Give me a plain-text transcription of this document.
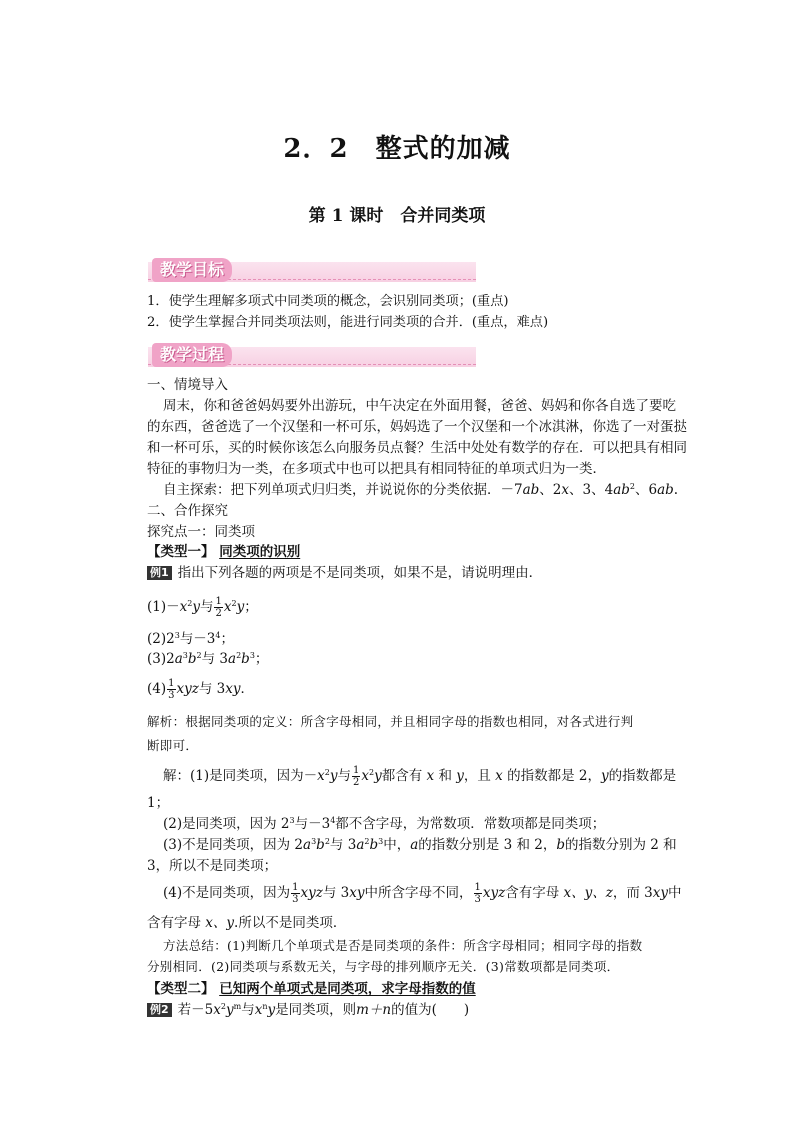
2．2　整式的加减
第 1 课时　合并同类项
教学目标
1．使学生理解多项式中同类项的概念，会识别同类项；(重点)
2．使学生掌握合并同类项法则，能进行同类项的合并．(重点，难点)
教学过程
一、情境导入
周末，你和爸爸妈妈要外出游玩，中午决定在外面用餐，爸爸、妈妈和你各自选了要吃
的东西，爸爸选了一个汉堡和一杯可乐，妈妈选了一个汉堡和一个冰淇淋，你选了一对蛋挞
和一杯可乐，买的时候你该怎么向服务员点餐？生活中处处有数学的存在．可以把具有相同
特征的事物归为一类，在多项式中也可以把具有相同特征的单项式归为一类．
自主探索：把下列单项式归归类，并说说你的分类依据．－7ab、2x、3、$4ab^2$、6ab.
二、合作探究
探究点一：同类项
【类型一】 同类项的识别
例1 指出下列各题的两项是不是同类项，如果不是，请说明理由．
$(1)-x^2y$与 $\frac{1}{2} x^2y$；
$(2)2^3$与$-3^4$；
$(3)2a^3b^2$与 $3a^2b^3$；
$(4) \frac{1}{3}$ xyz与 3xy．
解析：根据同类项的定义：所含字母相同，并且相同字母的指数也相同，对各式进行判
断即可．
解：(1)是同类项，因为$-x^2y$与 $\frac{1}{2} x^2y$都含有 x 和 y，且 x 的指数都是 2，y的指数都是
1；
(2)是同类项，因为 $2^3$与$-3^4$都不含字母，为常数项．常数项都是同类项；
(3)不是同类项，因为 $2a^3b^2$与 $3a^2b^3$中，a的指数分别是 3 和 2，b的指数分别为 2 和
3，所以不是同类项；
(4)不是同类项，因为 $\frac{1}{3}$ xyz与 3xy中所含字母不同， $\frac{1}{3}$ xyz含有字母 x、y、z，而 3xy中
含有字母 x、y.所以不是同类项．
方法总结：(1)判断几个单项式是否是同类项的条件：所含字母相同；相同字母的指数
分别相同．(2)同类项与系数无关，与字母的排列顺序无关．(3)常数项都是同类项．
【类型二】 已知两个单项式是同类项，求字母指数的值
例2 若$-5x^2y^m$与$x^ny$是同类项，则m＋n的值为(　　)
